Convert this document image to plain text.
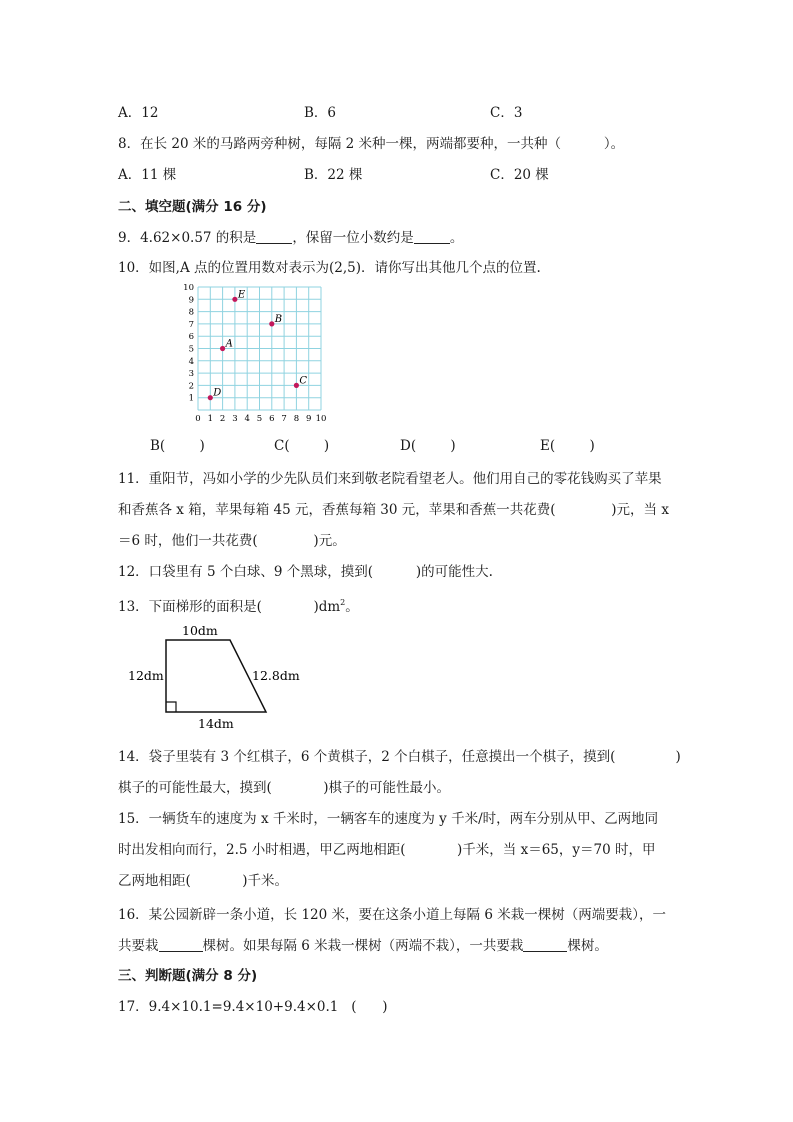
A．12	B．6	C．3
8．在长 20 米的马路两旁种树，每隔 2 米种一棵，两端都要种，一共种（          ）。
A．11 棵	B．22 棵	C．20 棵
二、填空题(满分 16 分)
9．4.62×0.57 的积是	，保留一位小数约是	。
10．如图,A 点的位置用数对表示为(2,5)．请你写出其他几个点的位置.
0 1 2 3 4 5 6 7 8 9 10
1
2
3
4
5
6
7
8
9
10
E
B
A
C
D
B(        )	C(        )	D(        )	E(        )
11．重阳节，冯如小学的少先队员们来到敬老院看望老人。他们用自己的零花钱购买了苹果
和香蕉各 x 箱，苹果每箱 45 元，香蕉每箱 30 元，苹果和香蕉一共花费(             )元，当 x
＝6 时，他们一共花费(             )元。
12．口袋里有 5 个白球、9 个黑球，摸到(          )的可能性大.
13．下面梯形的面积是(            )$dm^2$。
10dm
12dm	12.8dm
14dm
14．袋子里装有 3 个红棋子，6 个黄棋子，2 个白棋子，任意摸出一个棋子，摸到(              )
棋子的可能性最大，摸到(            )棋子的可能性最小。
15．一辆货车的速度为 x 千米时，一辆客车的速度为 y 千米/时，两车分别从甲、乙两地同
时出发相向而行，2.5 小时相遇，甲乙两地相距(            )千米，当 x＝65，y＝70 时，甲
乙两地相距(            )千米。
16．某公园新辟一条小道，长 120 米，要在这条小道上每隔 6 米栽一棵树（两端要栽），一
共要栽	棵树。如果每隔 6 米栽一棵树（两端不栽），一共要栽	棵树。
三、判断题(满分 8 分)
17．9.4×10.1=9.4×10+9.4×0.1   (      )
